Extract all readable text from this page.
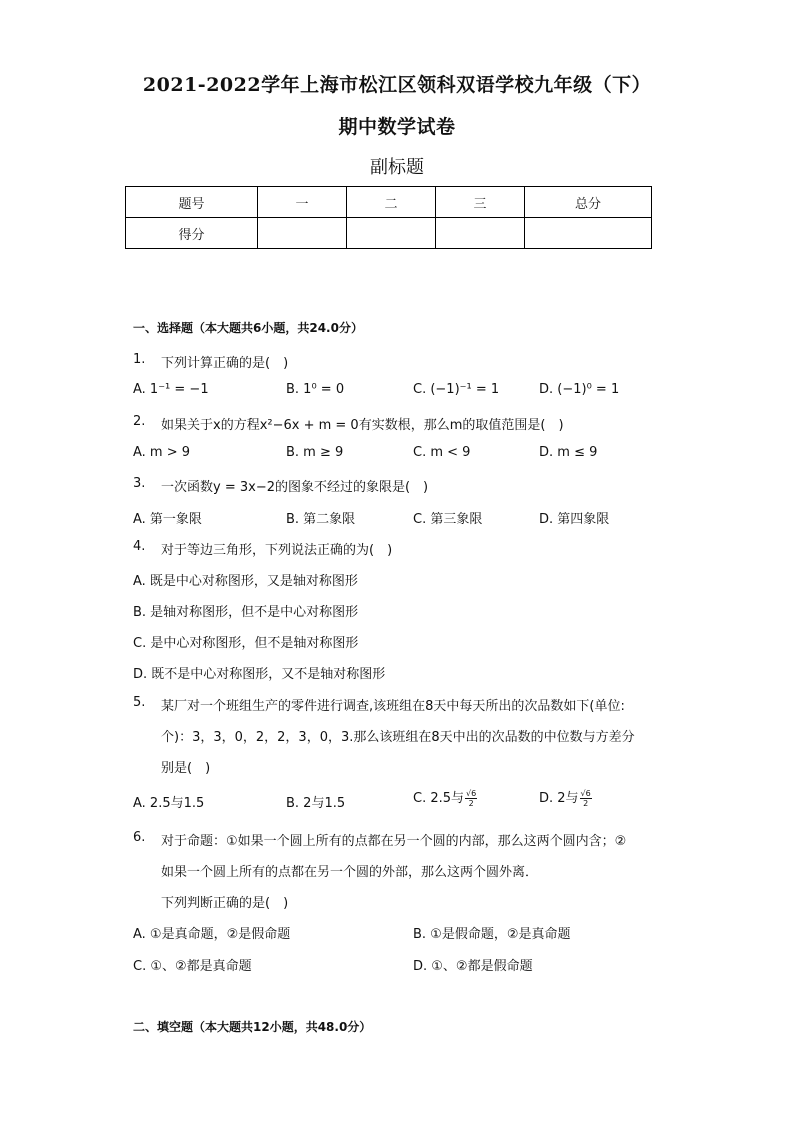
2021-2022学年上海市松江区领科双语学校九年级（下）
期中数学试卷
副标题
题号	一	二	三	总分
得分				
一、选择题（本大题共6小题，共24.0分）
1. 下列计算正确的是(　)
A. 1⁻¹ = −1	B. 1⁰ = 0	C. (−1)⁻¹ = 1	D. (−1)⁰ = 1
2. 如果关于x的方程x²−6x + m = 0有实数根，那么m的取值范围是(　)
A. m > 9	B. m ≥ 9	C. m < 9	D. m ≤ 9
3. 一次函数y = 3x−2的图象不经过的象限是(　)
A. 第一象限	B. 第二象限	C. 第三象限	D. 第四象限
4. 对于等边三角形，下列说法正确的为(　)
A. 既是中心对称图形，又是轴对称图形
B. 是轴对称图形，但不是中心对称图形
C. 是中心对称图形，但不是轴对称图形
D. 既不是中心对称图形，又不是轴对称图形
5. 某厂对一个班组生产的零件进行调查,该班组在8天中每天所出的次品数如下(单位:
个)：3，3，0，2，2，3，0，3.那么该班组在8天中出的次品数的中位数与方差分
别是(　)
A. 2.5与1.5	B. 2与1.5	C. 2.5与 $\frac{√6}{2}$	D. 2与 $\frac{√6}{2}$
6. 对于命题：①如果一个圆上所有的点都在另一个圆的内部，那么这两个圆内含；②
如果一个圆上所有的点都在另一个圆的外部，那么这两个圆外离．
下列判断正确的是(　)
A. ①是真命题，②是假命题	B. ①是假命题，②是真命题
C. ①、②都是真命题	D. ①、②都是假命题
二、填空题（本大题共12小题，共48.0分）
